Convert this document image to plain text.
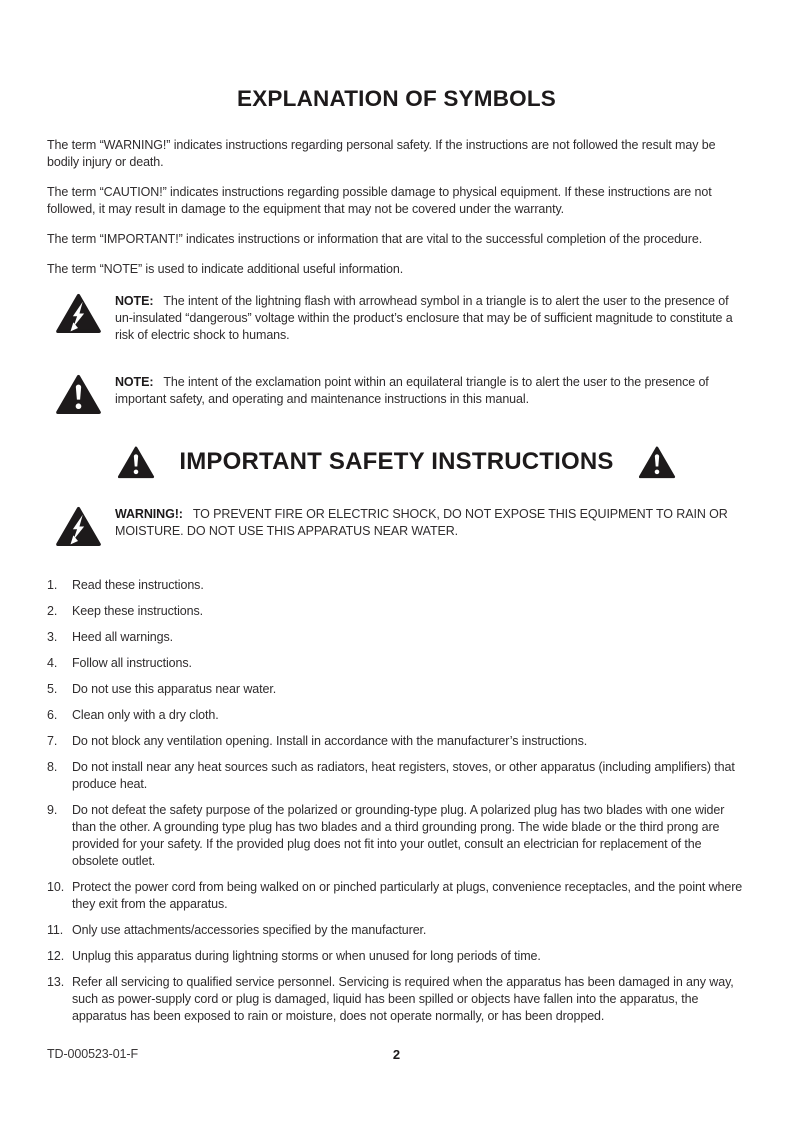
EXPLANATION OF SYMBOLS

The term “WARNING!” indicates instructions regarding personal safety. If the instructions are not followed the result may be bodily injury or death.

The term “CAUTION!” indicates instructions regarding possible damage to physical equipment. If these instructions are not followed, it may result in damage to the equipment that may not be covered under the warranty.

The term “IMPORTANT!” indicates instructions or information that are vital to the successful completion of the procedure.

The term “NOTE” is used to indicate additional useful information.

NOTE: The intent of the lightning flash with arrowhead symbol in a triangle is to alert the user to the presence of un-insulated “dangerous” voltage within the product’s enclosure that may be of sufficient magnitude to constitute a risk of electric shock to humans.
NOTE: The intent of the exclamation point within an equilateral triangle is to alert the user to the presence of important safety, and operating and maintenance instructions in this manual.
IMPORTANT SAFETY INSTRUCTIONS
WARNING!: TO PREVENT FIRE OR ELECTRIC SHOCK, DO NOT EXPOSE THIS EQUIPMENT TO RAIN OR MOISTURE. DO NOT USE THIS APPARATUS NEAR WATER.
1.	Read these instructions.
2.	Keep these instructions.
3.	Heed all warnings.
4.	Follow all instructions.
5.	Do not use this apparatus near water.
6.	Clean only with a dry cloth.
7.	Do not block any ventilation opening. Install in accordance with the manufacturer’s instructions.
8.	Do not install near any heat sources such as radiators, heat registers, stoves, or other apparatus (including amplifiers) that produce heat.
9.	Do not defeat the safety purpose of the polarized or grounding-type plug. A polarized plug has two blades with one wider than the other. A grounding type plug has two blades and a third grounding prong. The wide blade or the third prong are provided for your safety. If the provided plug does not fit into your outlet, consult an electrician for replacement of the obsolete outlet.
10. Protect the power cord from being walked on or pinched particularly at plugs, convenience receptacles, and the point where they exit from the apparatus.
11. Only use attachments/accessories specified by the manufacturer.
12. Unplug this apparatus during lightning storms or when unused for long periods of time.
13. Refer all servicing to qualified service personnel. Servicing is required when the apparatus has been damaged in any way, such as power-supply cord or plug is damaged, liquid has been spilled or objects have fallen into the apparatus, the apparatus has been exposed to rain or moisture, does not operate normally, or has been dropped.
TD-000523-01-F	2
